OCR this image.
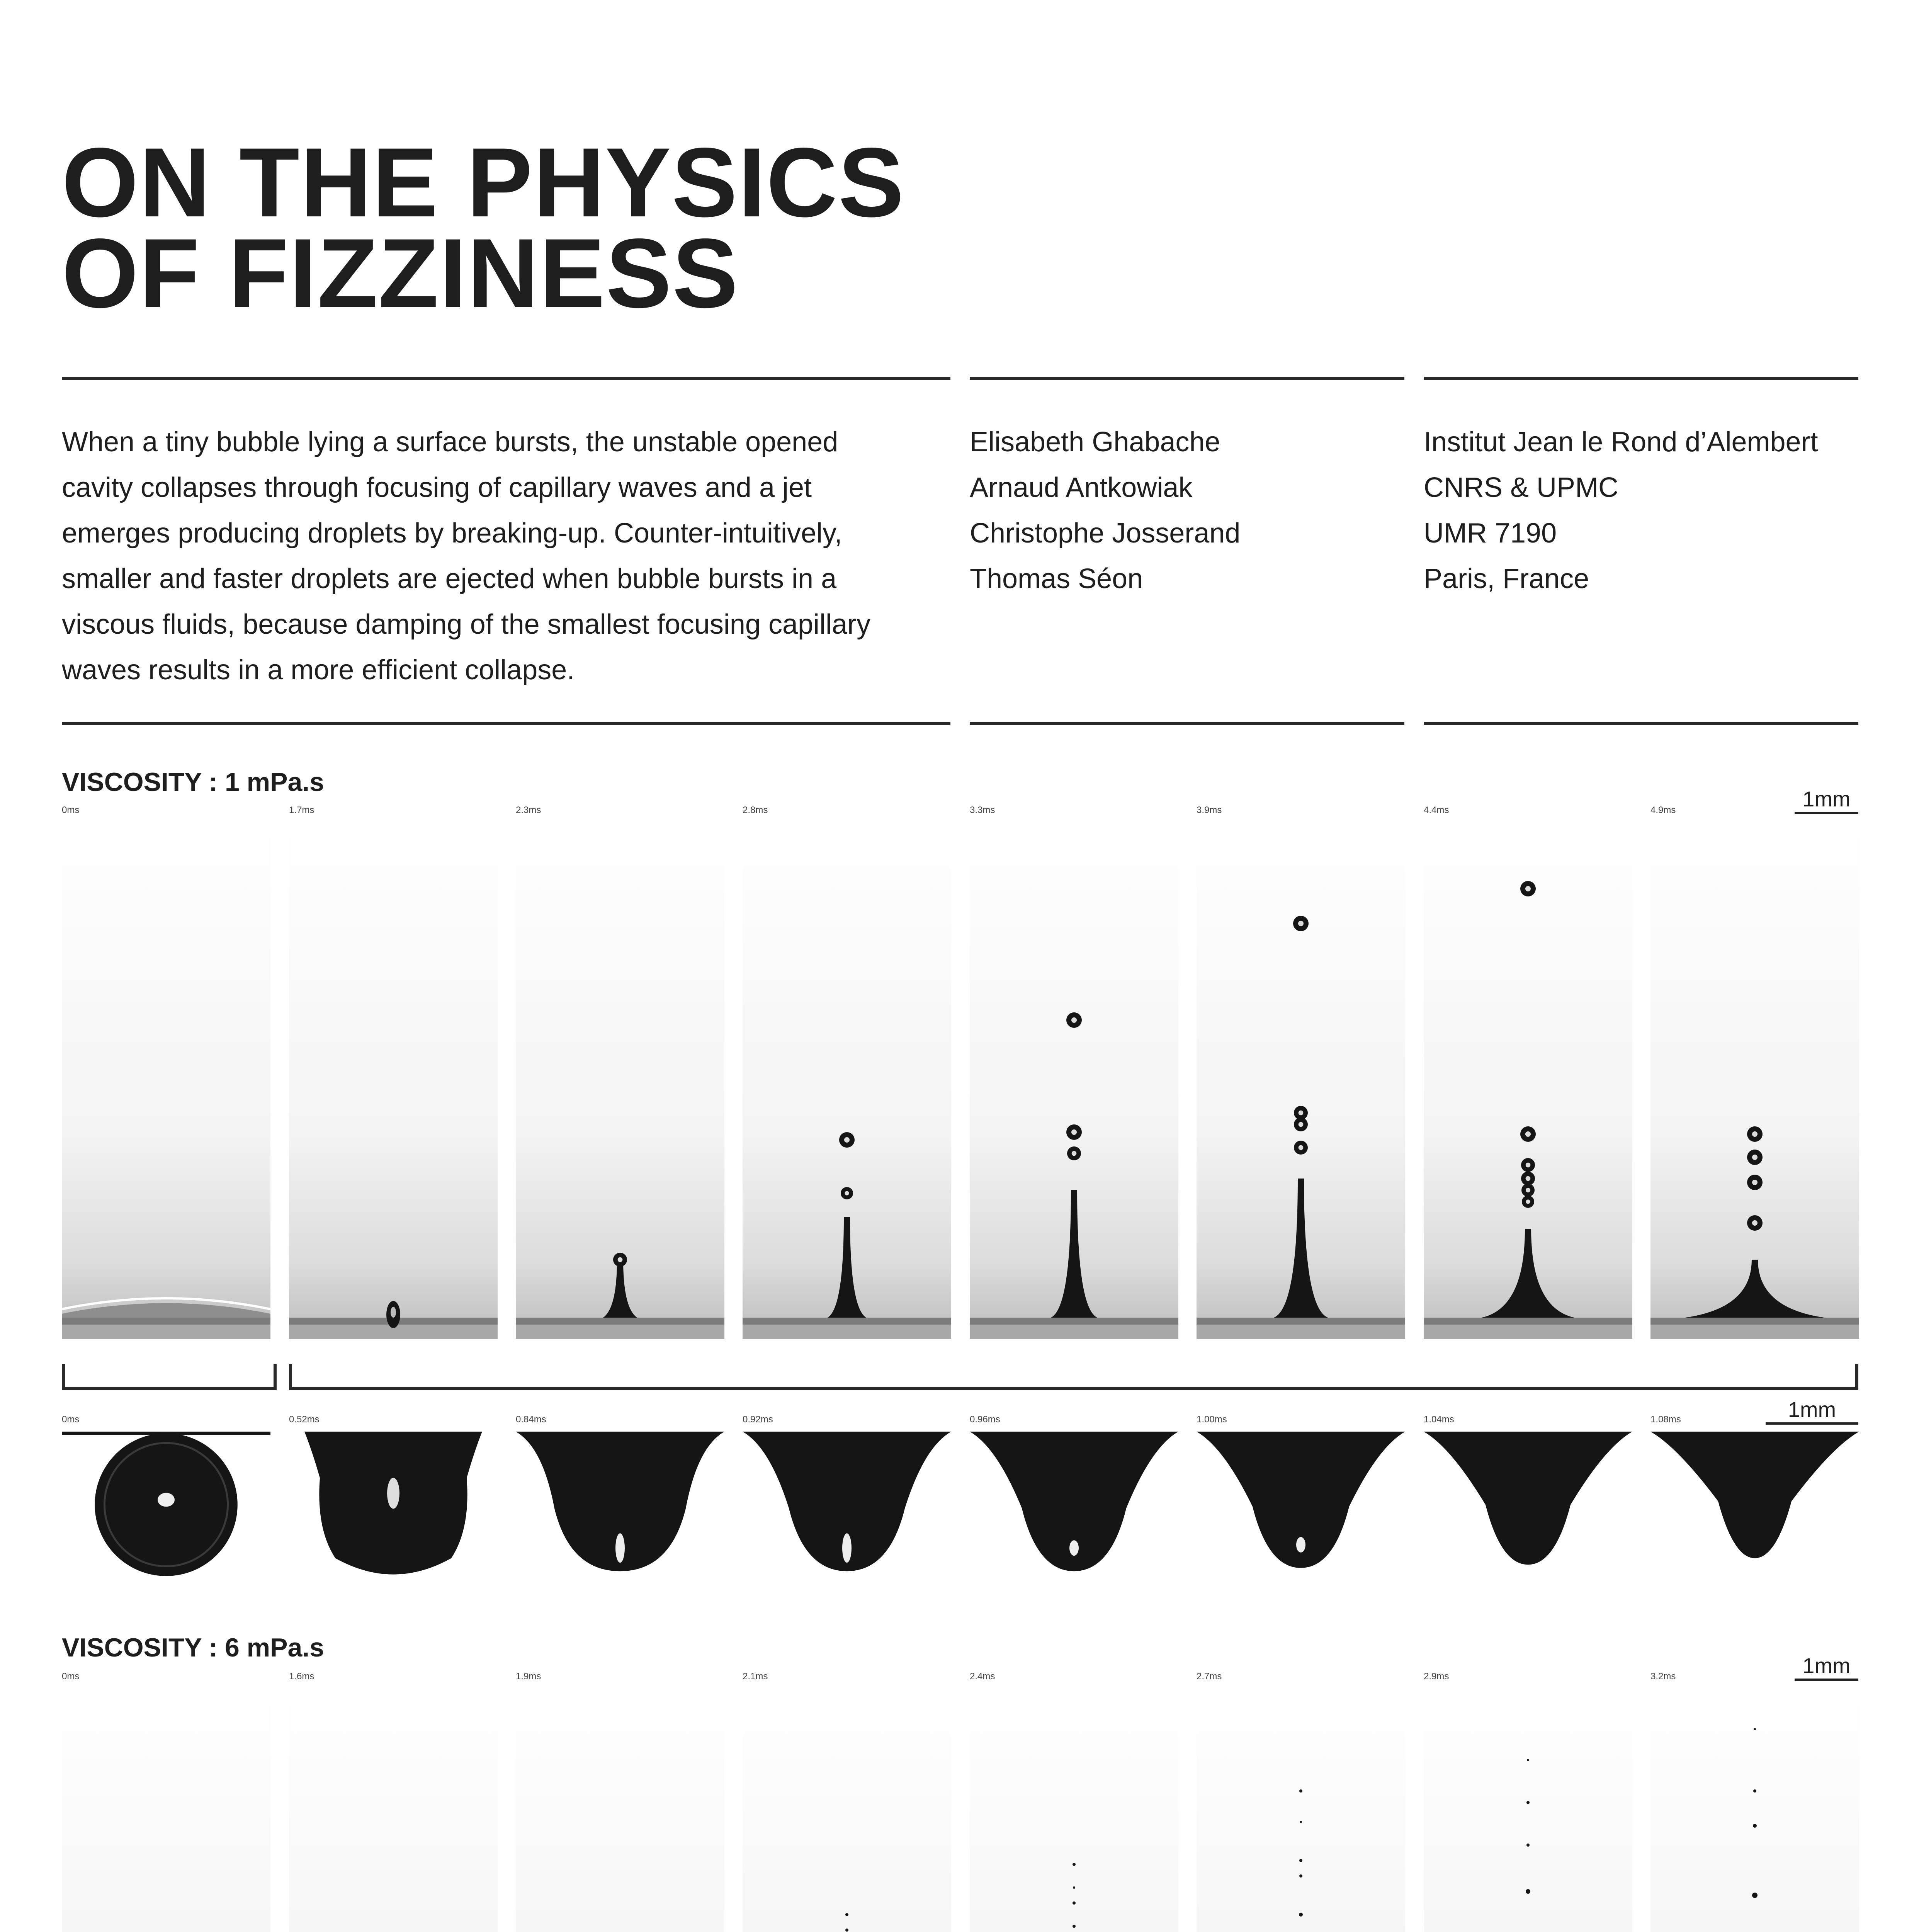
ON THE PHYSICS
OF FIZZINESS
When a tiny bubble lying a surface bursts, the unstable opened
cavity collapses through focusing of capillary waves and a jet
emerges producing droplets by breaking-up. Counter-intuitively,
smaller and faster droplets are ejected when bubble bursts in a
viscous fluids, because damping of the smallest focusing capillary
waves results in a more efficient collapse.
Elisabeth Ghabache
Arnaud Antkowiak
Christophe Josserand
Thomas Séon
Institut Jean le Rond d’Alembert
CNRS & UPMC
UMR 7190
Paris, France
VISCOSITY : 1 mPa.s
0ms	1.7ms	2.3ms	2.8ms	3.3ms	3.9ms	4.4ms	4.9ms	1mm
0ms	0.52ms	0.84ms	0.92ms	0.96ms	1.00ms	1.04ms	1.08ms	1mm
VISCOSITY : 6 mPa.s
0ms	1.6ms	1.9ms	2.1ms	2.4ms	2.7ms	2.9ms	3.2ms	1mm
